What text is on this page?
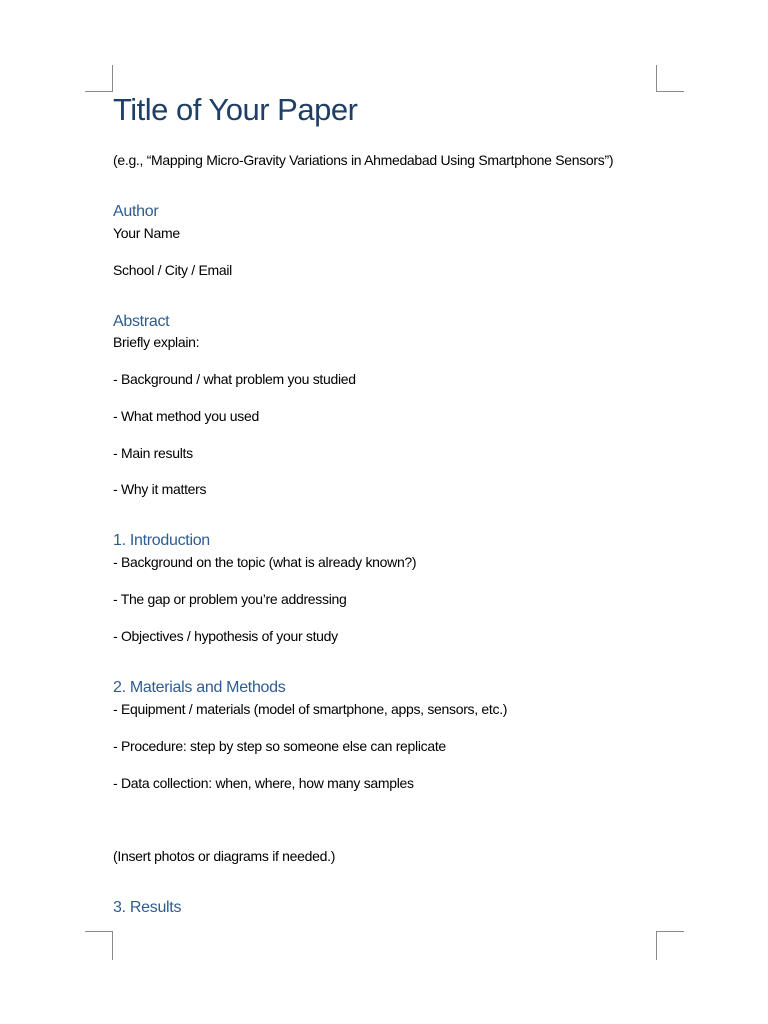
Title of Your Paper

(e.g., “Mapping Micro-Gravity Variations in Ahmedabad Using Smartphone Sensors”)

Author

Your Name

School / City / Email

Abstract

Briefly explain:

- Background / what problem you studied

- What method you used

- Main results

- Why it matters

1. Introduction

- Background on the topic (what is already known?)

- The gap or problem you’re addressing

- Objectives / hypothesis of your study

2. Materials and Methods

- Equipment / materials (model of smartphone, apps, sensors, etc.)

- Procedure: step by step so someone else can replicate

- Data collection: when, where, how many samples

(Insert photos or diagrams if needed.)

3. Results
